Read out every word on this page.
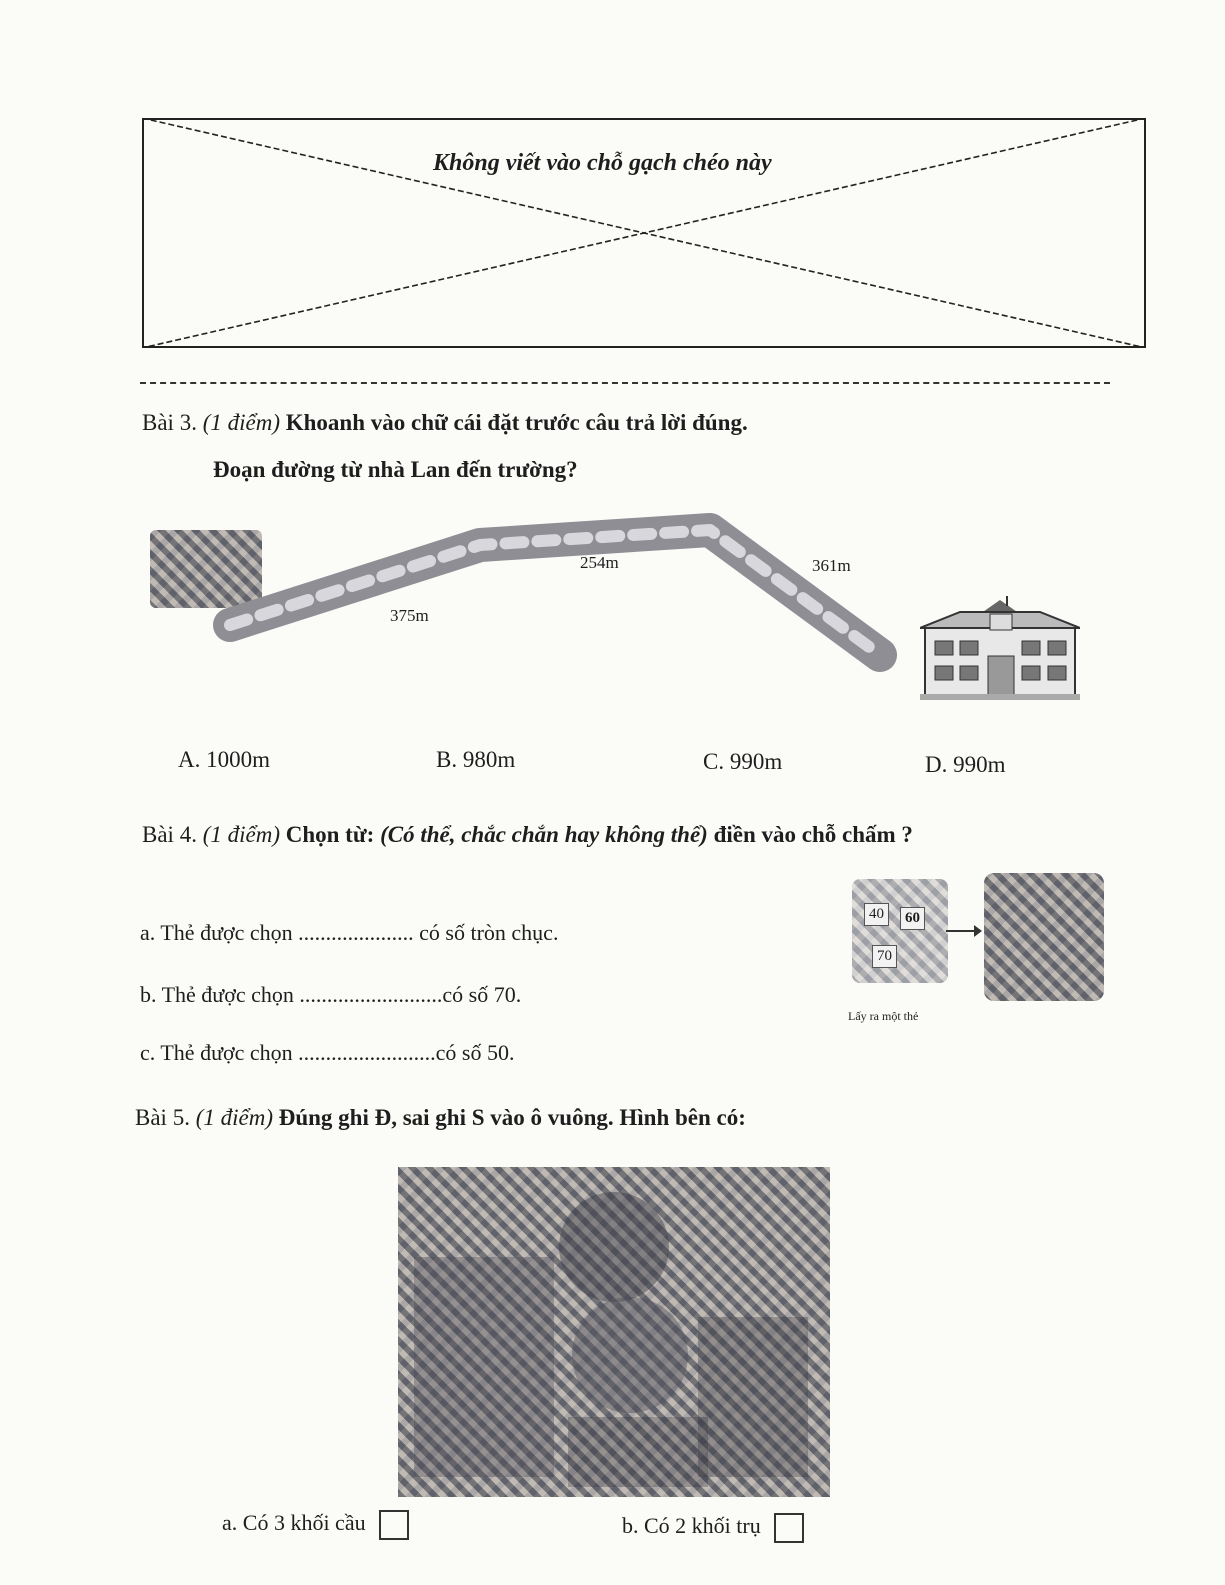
Không viết vào chỗ gạch chéo này
Bài 3. (1 điểm) Khoanh vào chữ cái đặt trước câu trả lời đúng.
Đoạn đường từ nhà Lan đến trường?
375m
254m	361m
A. 1000m	B. 980m	C. 990m	D. 990m
Bài 4. (1 điểm) Chọn từ: (Có thể, chắc chắn hay không thể) điền vào chỗ chấm ?
a. Thẻ được chọn ..................... có số tròn chục.
b. Thẻ được chọn ..........................có số 70.
c. Thẻ được chọn .........................có số 50.
40	60
70
Lấy ra một thẻ
Bài 5. (1 điểm) Đúng ghi Đ, sai ghi S vào ô vuông. Hình bên có:
a. Có 3 khối cầu	b. Có 2 khối trụ
